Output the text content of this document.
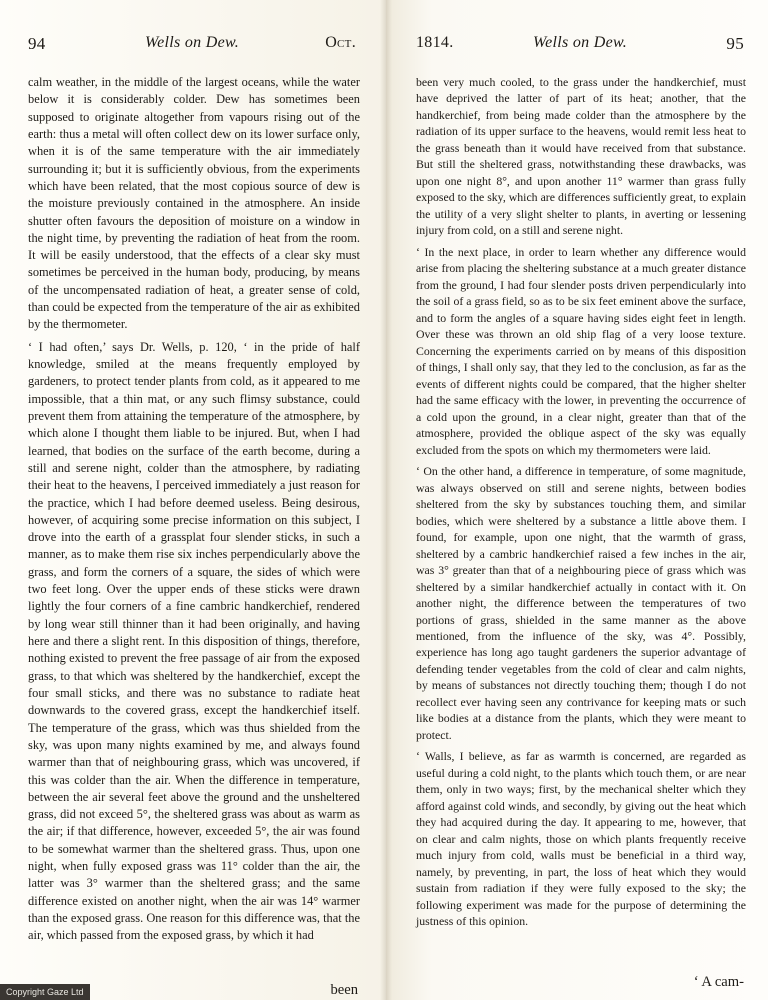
94	Wells on Dew.	Oct.

calm weather, in the middle of the largest oceans, while the water below it is considerably colder. Dew has sometimes been supposed to originate altogether from vapours rising out of the earth: thus a metal will often collect dew on its lower surface only, when it is of the same temperature with the air immediately surrounding it; but it is sufficiently obvious, from the experiments which have been related, that the most copious source of dew is the moisture previously contained in the atmosphere. An inside shutter often favours the deposition of moisture on a window in the night time, by preventing the radiation of heat from the room. It will be easily understood, that the effects of a clear sky must sometimes be perceived in the human body, producing, by means of the uncompensated radiation of heat, a greater sense of cold, than could be expected from the temperature of the air as exhibited by the thermometer.

‘ I had often,’ says Dr. Wells, p. 120, ‘ in the pride of half knowledge, smiled at the means frequently employed by gardeners, to protect tender plants from cold, as it appeared to me impossible, that a thin mat, or any such flimsy substance, could prevent them from attaining the temperature of the atmosphere, by which alone I thought them liable to be injured. But, when I had learned, that bodies on the surface of the earth become, during a still and serene night, colder than the atmosphere, by radiating their heat to the heavens, I perceived immediately a just reason for the practice, which I had before deemed useless. Being desirous, however, of acquiring some precise information on this subject, I drove into the earth of a grassplat four slender sticks, in such a manner, as to make them rise six inches perpendicularly above the grass, and form the corners of a square, the sides of which were two feet long. Over the upper ends of these sticks were drawn lightly the four corners of a fine cambric handkerchief, rendered by long wear still thinner than it had been originally, and having here and there a slight rent. In this disposition of things, therefore, nothing existed to prevent the free passage of air from the exposed grass, to that which was sheltered by the handkerchief, except the four small sticks, and there was no substance to radiate heat downwards to the covered grass, except the handkerchief itself. The temperature of the grass, which was thus shielded from the sky, was upon many nights examined by me, and always found warmer than that of neighbouring grass, which was uncovered, if this was colder than the air. When the difference in temperature, between the air several feet above the ground and the unsheltered grass, did not exceed 5°, the sheltered grass was about as warm as the air; if that difference, however, exceeded 5°, the air was found to be somewhat warmer than the sheltered grass. Thus, upon one night, when fully exposed grass was 11° colder than the air, the latter was 3° warmer than the sheltered grass; and the same difference existed on another night, when the air was 14° warmer than the exposed grass. One reason for this difference was, that the air, which passed from the exposed grass, by which it had

been
1814.	Wells on Dew.	95

been very much cooled, to the grass under the handkerchief, must have deprived the latter of part of its heat; another, that the handkerchief, from being made colder than the atmosphere by the radiation of its upper surface to the heavens, would remit less heat to the grass beneath than it would have received from that substance. But still the sheltered grass, notwithstanding these drawbacks, was upon one night 8°, and upon another 11° warmer than grass fully exposed to the sky, which are differences sufficiently great, to explain the utility of a very slight shelter to plants, in averting or lessening injury from cold, on a still and serene night.

‘ In the next place, in order to learn whether any difference would arise from placing the sheltering substance at a much greater distance from the ground, I had four slender posts driven perpendicularly into the soil of a grass field, so as to be six feet eminent above the surface, and to form the angles of a square having sides eight feet in length. Over these was thrown an old ship flag of a very loose texture. Concerning the experiments carried on by means of this disposition of things, I shall only say, that they led to the conclusion, as far as the events of different nights could be compared, that the higher shelter had the same efficacy with the lower, in preventing the occurrence of a cold upon the ground, in a clear night, greater than that of the atmosphere, provided the oblique aspect of the sky was equally excluded from the spots on which my thermometers were laid.

‘ On the other hand, a difference in temperature, of some magnitude, was always observed on still and serene nights, between bodies sheltered from the sky by substances touching them, and similar bodies, which were sheltered by a substance a little above them. I found, for example, upon one night, that the warmth of grass, sheltered by a cambric handkerchief raised a few inches in the air, was 3° greater than that of a neighbouring piece of grass which was sheltered by a similar handkerchief actually in contact with it. On another night, the difference between the temperatures of two portions of grass, shielded in the same manner as the above mentioned, from the influence of the sky, was 4°. Possibly, experience has long ago taught gardeners the superior advantage of defending tender vegetables from the cold of clear and calm nights, by means of substances not directly touching them; though I do not recollect ever having seen any contrivance for keeping mats or such like bodies at a distance from the plants, which they were meant to protect.

‘ Walls, I believe, as far as warmth is concerned, are regarded as useful during a cold night, to the plants which touch them, or are near them, only in two ways; first, by the mechanical shelter which they afford against cold winds, and secondly, by giving out the heat which they had acquired during the day. It appearing to me, however, that on clear and calm nights, those on which plants frequently receive much injury from cold, walls must be beneficial in a third way, namely, by preventing, in part, the loss of heat which they would sustain from radiation if they were fully exposed to the sky; the following experiment was made for the purpose of determining the justness of this opinion.

‘ A cam-
Copyright Gaze Ltd
